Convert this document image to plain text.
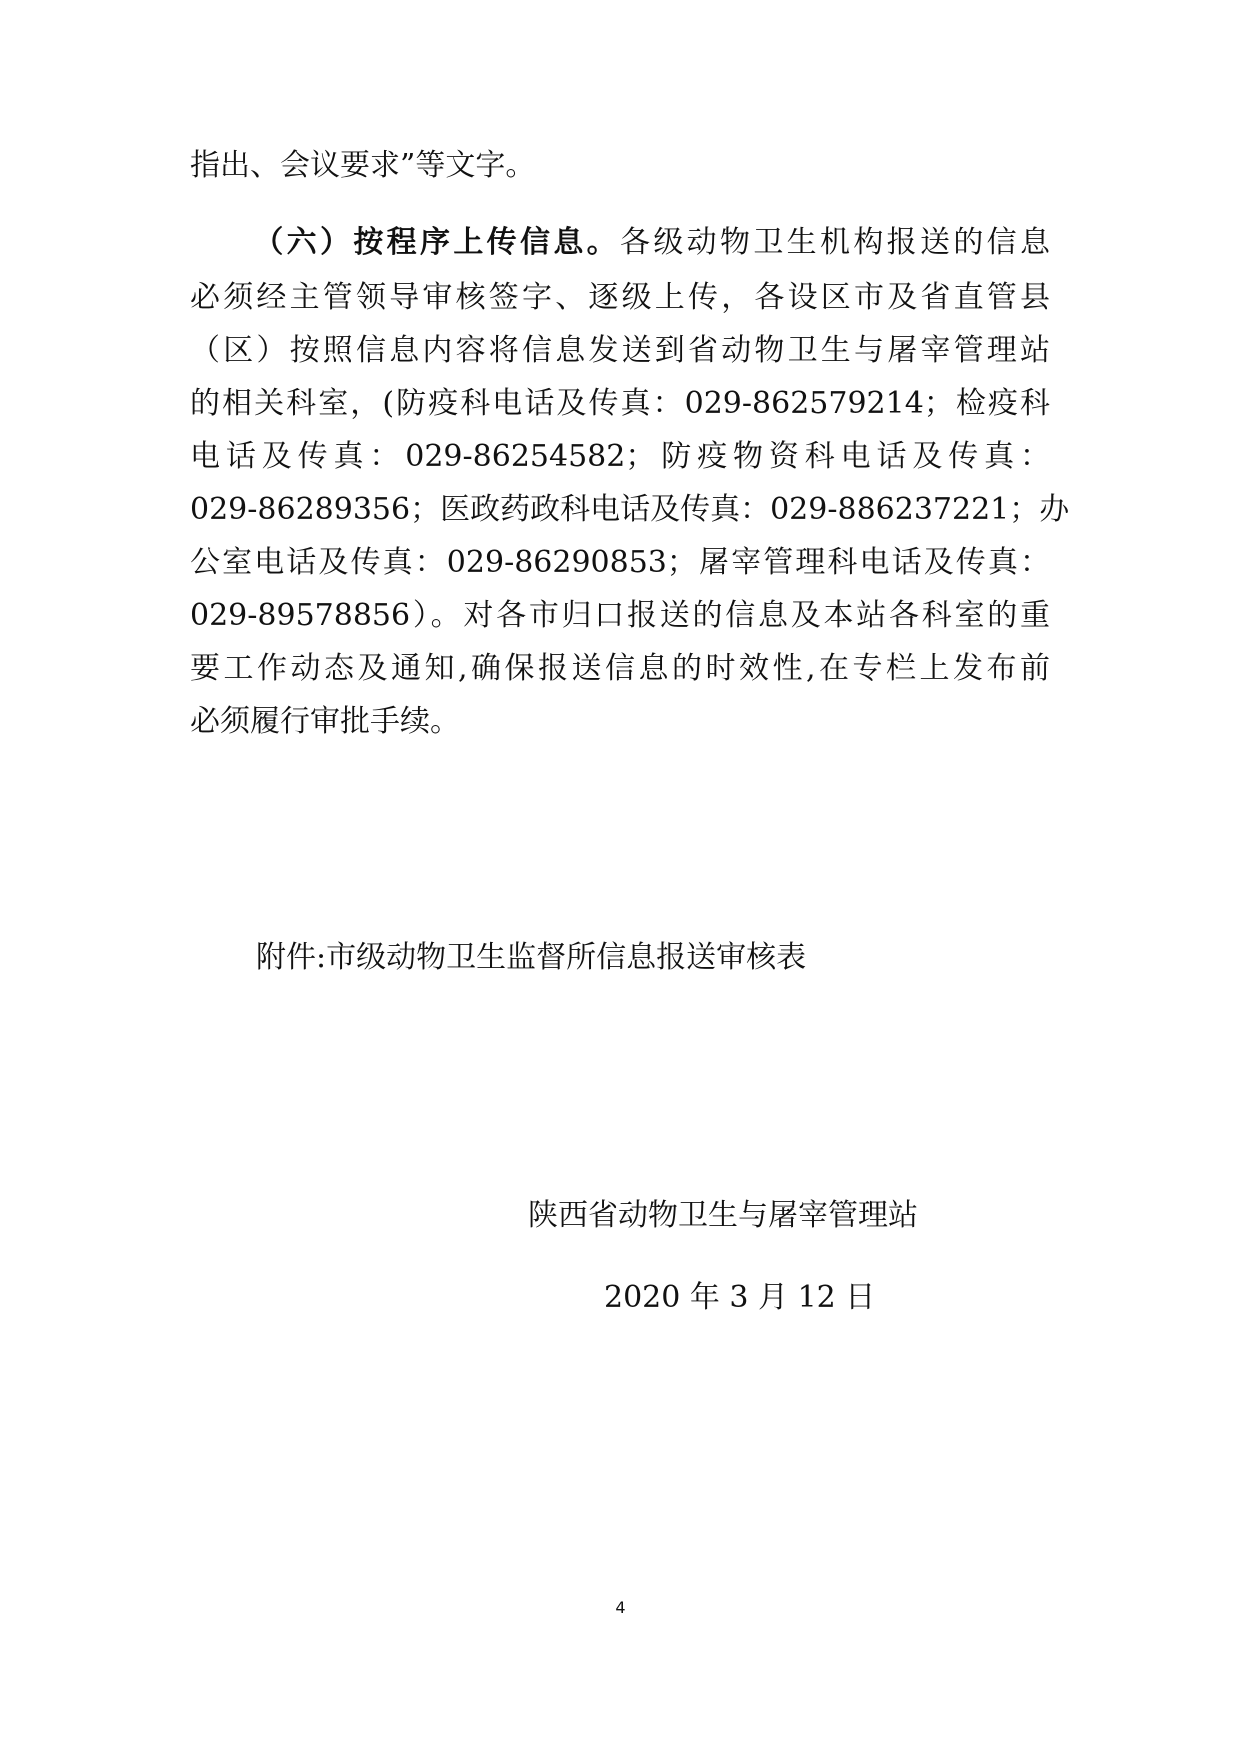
指出、会议要求”等文字。
（六）按程序上传信息。各级动物卫生机构报送的信息
必须经主管领导审核签字、逐级上传，各设区市及省直管县
（区）按照信息内容将信息发送到省动物卫生与屠宰管理站
的相关科室，(防疫科电话及传真：029-862579214；检疫科
电话及传真：029-86254582；防疫物资科电话及传真：
029-86289356；医政药政科电话及传真：029-886237221；办
公室电话及传真：029-86290853；屠宰管理科电话及传真：
029-89578856）。对各市归口报送的信息及本站各科室的重
要工作动态及通知,确保报送信息的时效性,在专栏上发布前
必须履行审批手续。
附件:市级动物卫生监督所信息报送审核表
陕西省动物卫生与屠宰管理站
2020 年 3 月 12 日
4
